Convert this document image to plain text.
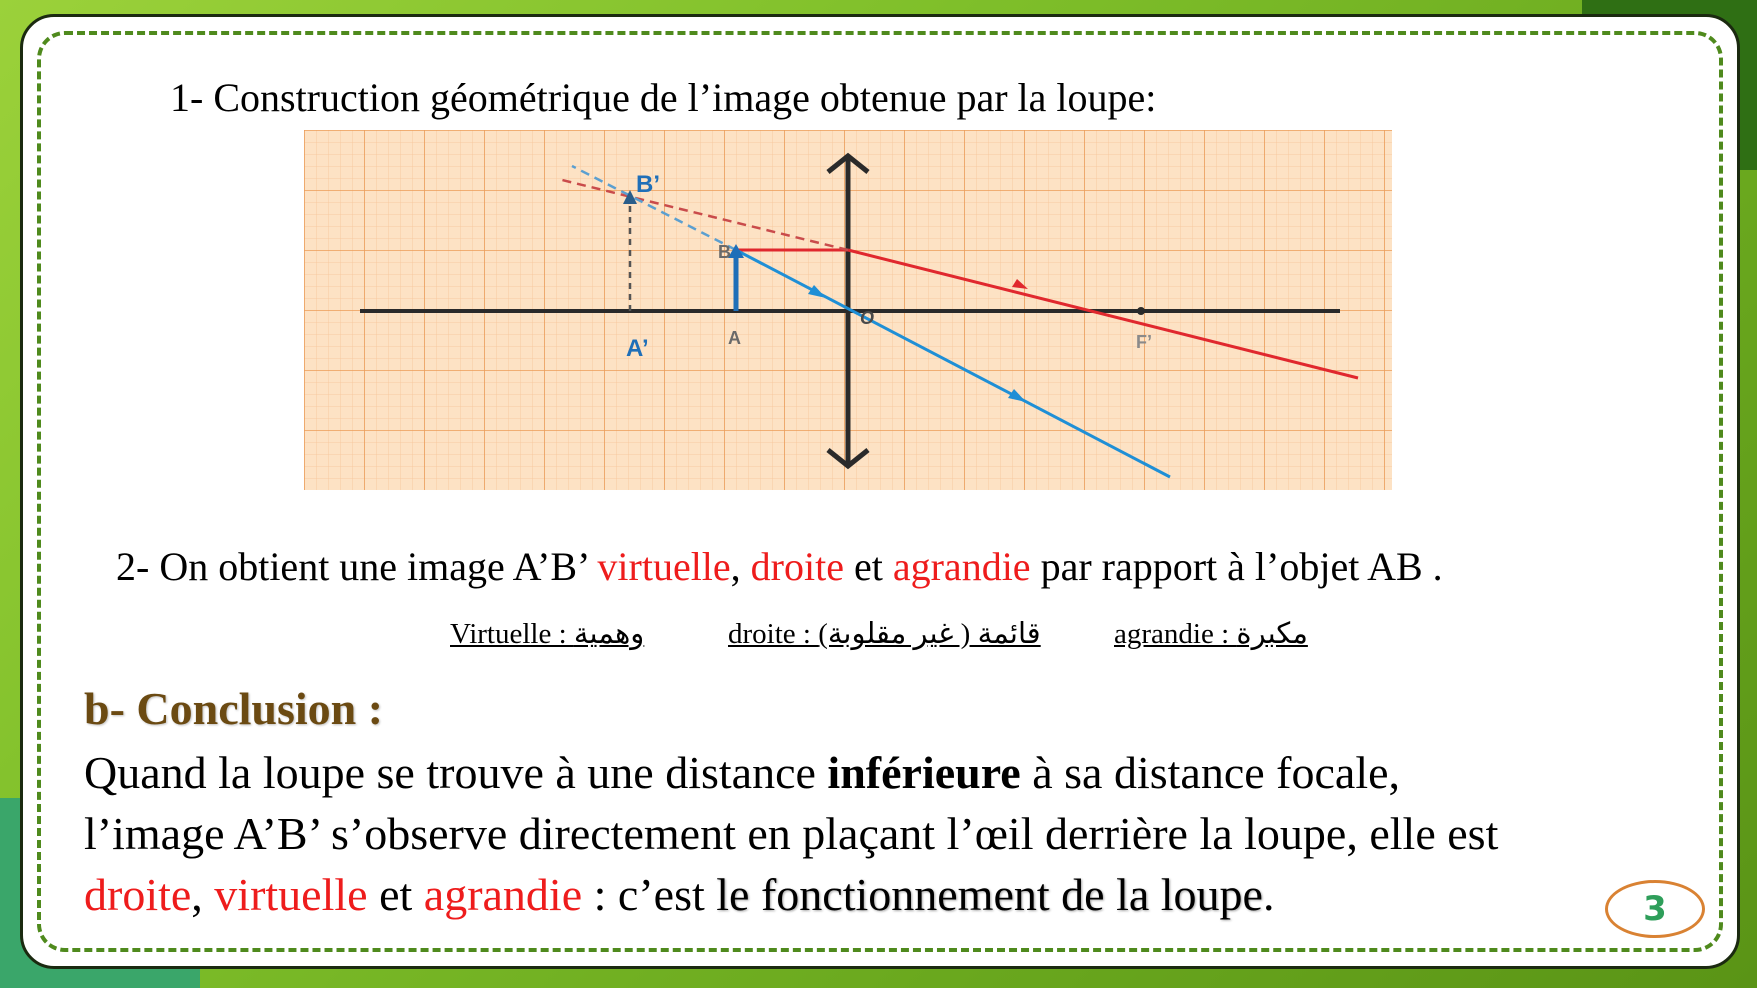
1- Construction géométrique de l’image obtenue par la loupe:
B’
A’
B
A
O
F’
2- On obtient une image A’B’ virtuelle, droite et agrandie par rapport à l’objet AB .
Virtuelle : وهمية	droite : قائمة ( غير مقلوبة)	agrandie : مكبرة
b- Conclusion :
Quand la loupe se trouve à une distance inférieure à sa distance focale,
l’image A’B’ s’observe directement en plaçant l’œil derrière la loupe, elle est
droite, virtuelle et agrandie : c’est le fonctionnement de la loupe.	3
